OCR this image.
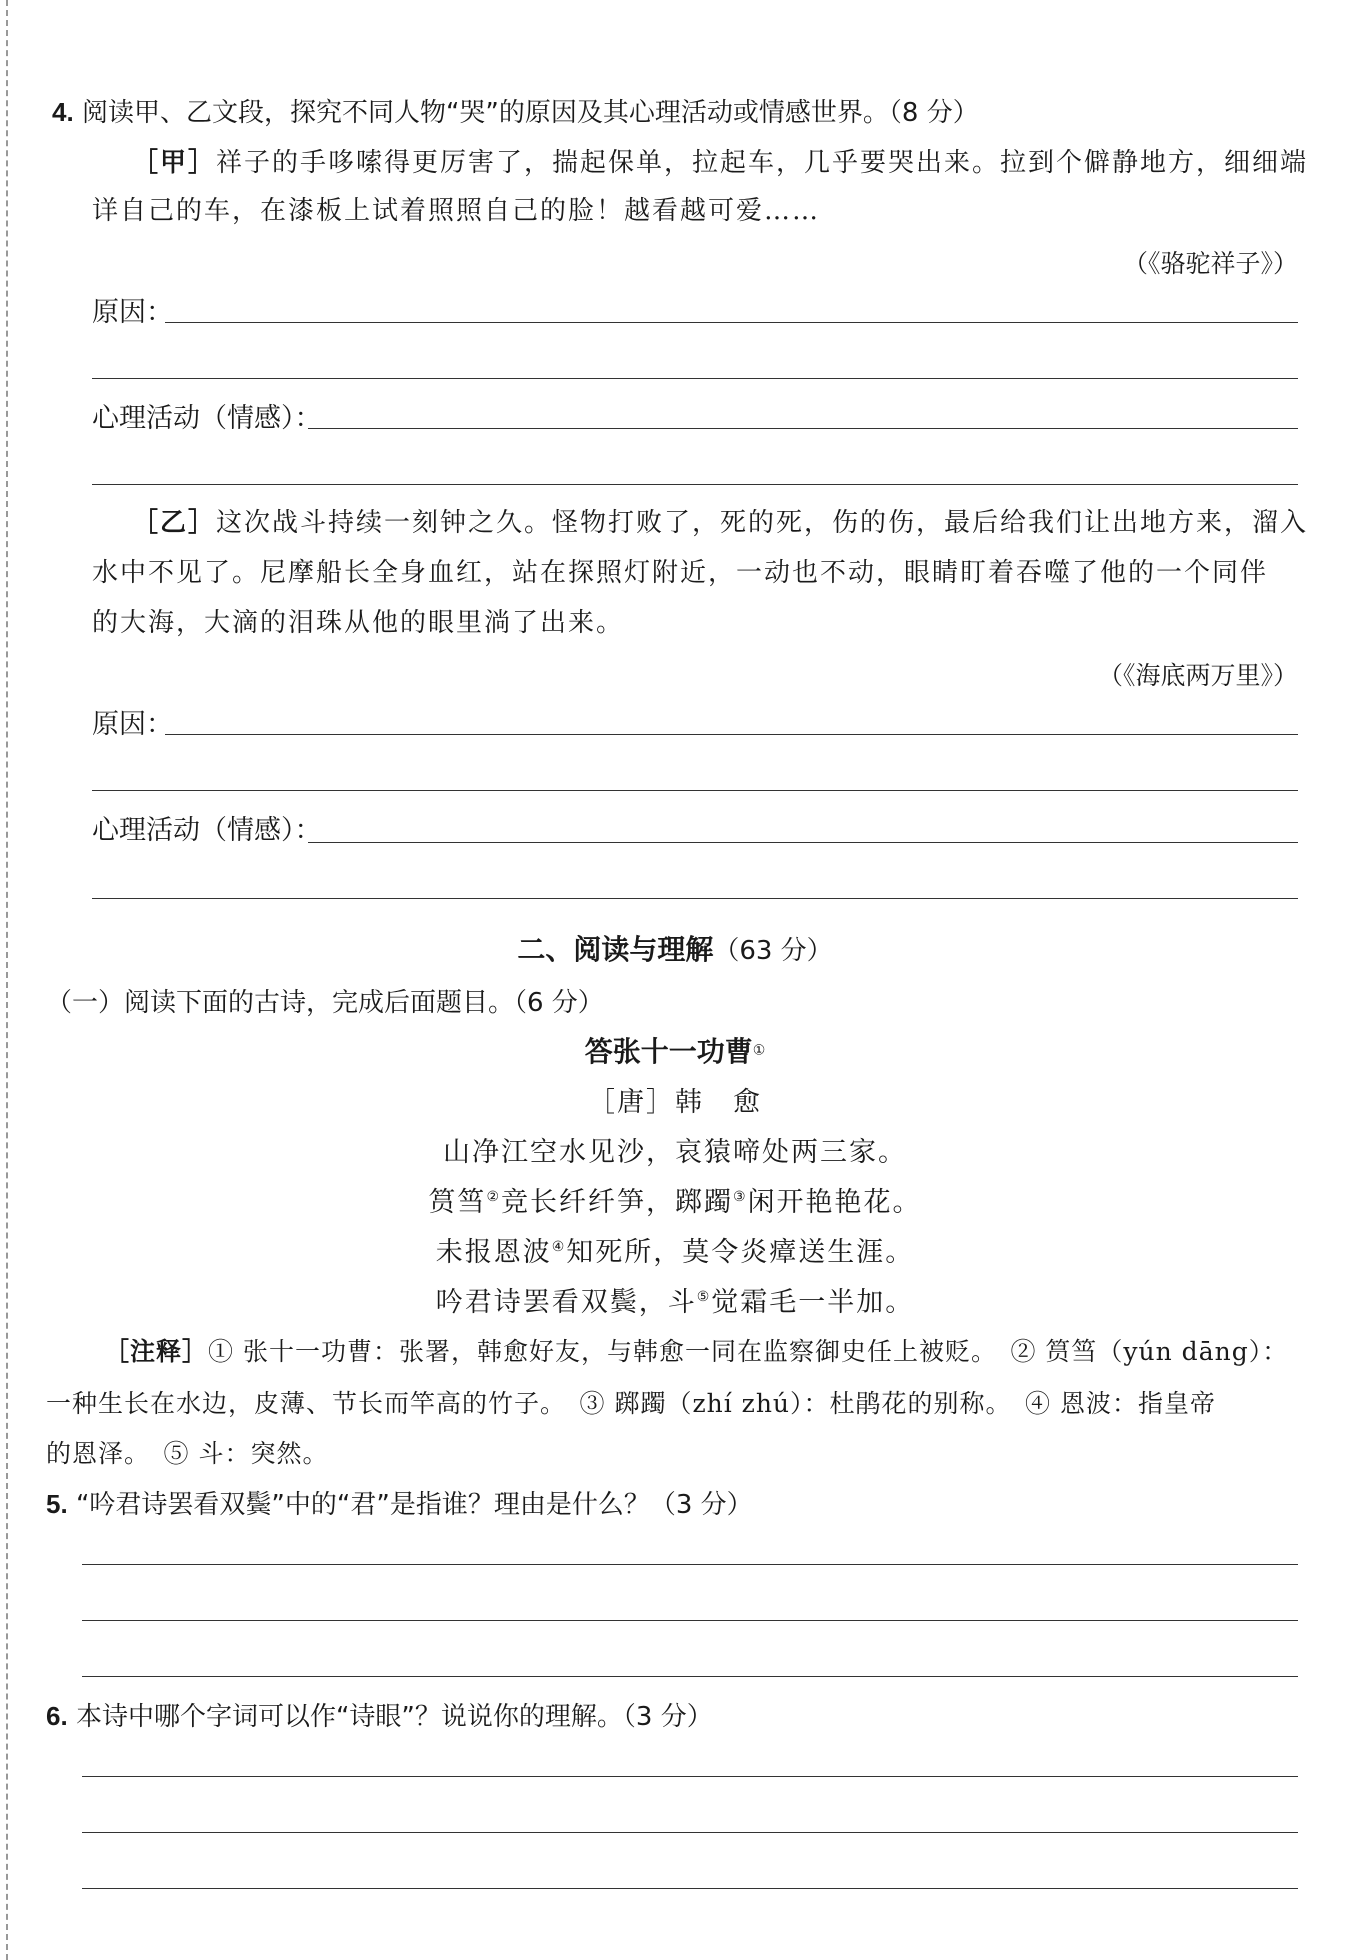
4. 阅读甲、乙文段，探究不同人物“哭”的原因及其心理活动或情感世界。（8 分）
［甲］祥子的手哆嗦得更厉害了，揣起保单，拉起车，几乎要哭出来。拉到个僻静地方，细细端
详自己的车，在漆板上试着照照自己的脸！越看越可爱……
（《骆驼祥子》）
原因：
心理活动（情感）：
［乙］这次战斗持续一刻钟之久。怪物打败了，死的死，伤的伤，最后给我们让出地方来，溜入
水中不见了。尼摩船长全身血红，站在探照灯附近，一动也不动，眼睛盯着吞噬了他的一个同伴
的大海，大滴的泪珠从他的眼里淌了出来。
（《海底两万里》）
原因：
心理活动（情感）：
二、阅读与理解（63 分）
（一）阅读下面的古诗，完成后面题目。（6 分）
答张十一功曹①
［唐］韩　愈
山净江空水见沙，哀猿啼处两三家。
筼筜②竞长纤纤笋，踯躅③闲开艳艳花。
未报恩波④知死所，莫令炎瘴送生涯。
吟君诗罢看双鬓，斗⑤觉霜毛一半加。
［注释］① 张十一功曹：张署，韩愈好友，与韩愈一同在监察御史任上被贬。　② 筼筜（yún dāng）：
一种生长在水边，皮薄、节长而竿高的竹子。　③ 踯躅（zhí zhú）：杜鹃花的别称。　④ 恩波：指皇帝
的恩泽。　⑤ 斗：突然。
5. “吟君诗罢看双鬓”中的“君”是指谁？理由是什么？（3 分）
6. 本诗中哪个字词可以作“诗眼”？说说你的理解。（3 分）
